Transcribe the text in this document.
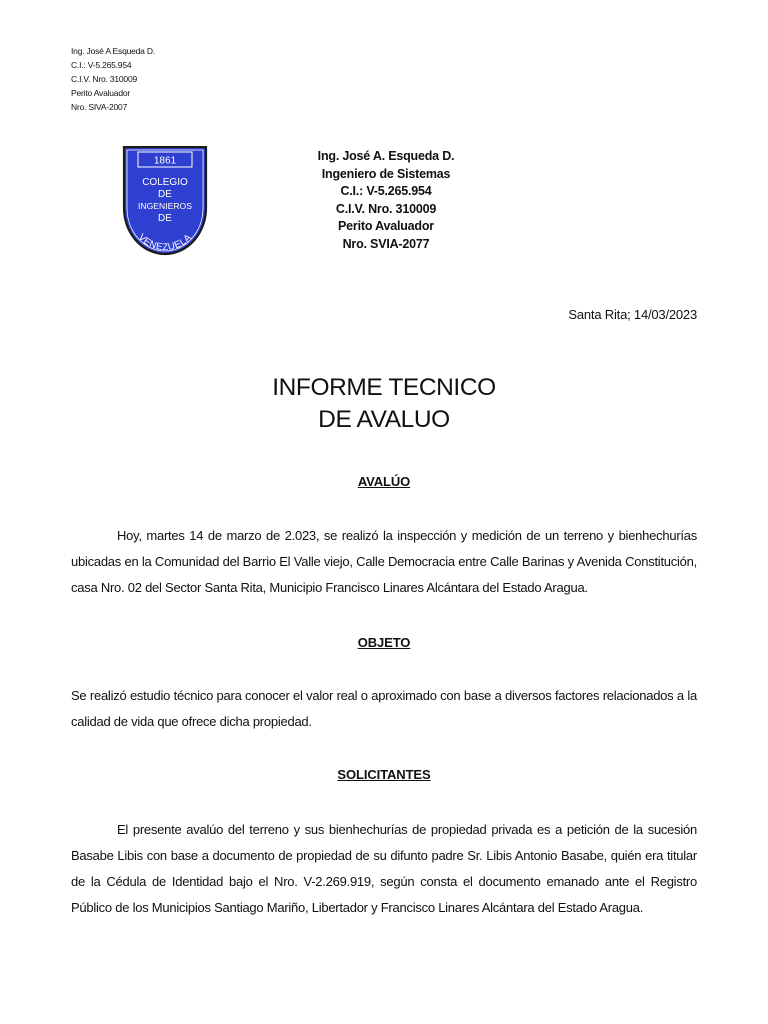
Ing. José A Esqueda D.
C.I.: V-5.265.954
C.I.V. Nro. 310009
Perito Avaluador
Nro. SIVA-2007
1861
COLEGIO
DE
INGENIEROS
DE
VENEZUELA
Ing. José A. Esqueda D.
Ingeniero de Sistemas
C.I.: V-5.265.954
C.I.V. Nro. 310009
Perito Avaluador
Nro. SVIA-2077
Santa Rita; 14/03/2023
INFORME TECNICO
DE AVALUO
AVALÚO
Hoy, martes 14 de marzo de 2.023, se realizó la inspección y medición de un terreno y bienhechurías ubicadas en la Comunidad del Barrio El Valle viejo, Calle Democracia entre Calle Barinas y Avenida Constitución, casa Nro. 02 del Sector Santa Rita, Municipio Francisco Linares Alcántara del Estado Aragua.
OBJETO
Se realizó estudio técnico para conocer el valor real o aproximado con base a diversos factores relacionados a la calidad de vida que ofrece dicha propiedad.
SOLICITANTES
El presente avalúo del terreno y sus bienhechurías de propiedad privada es a petición de la sucesión Basabe Libis con base a documento de propiedad de su difunto padre Sr. Libis Antonio Basabe, quién era titular de la Cédula de Identidad bajo el Nro. V-2.269.919, según consta el documento emanado ante el Registro Público de los Municipios Santiago Mariño, Libertador y Francisco Linares Alcántara del Estado Aragua.
